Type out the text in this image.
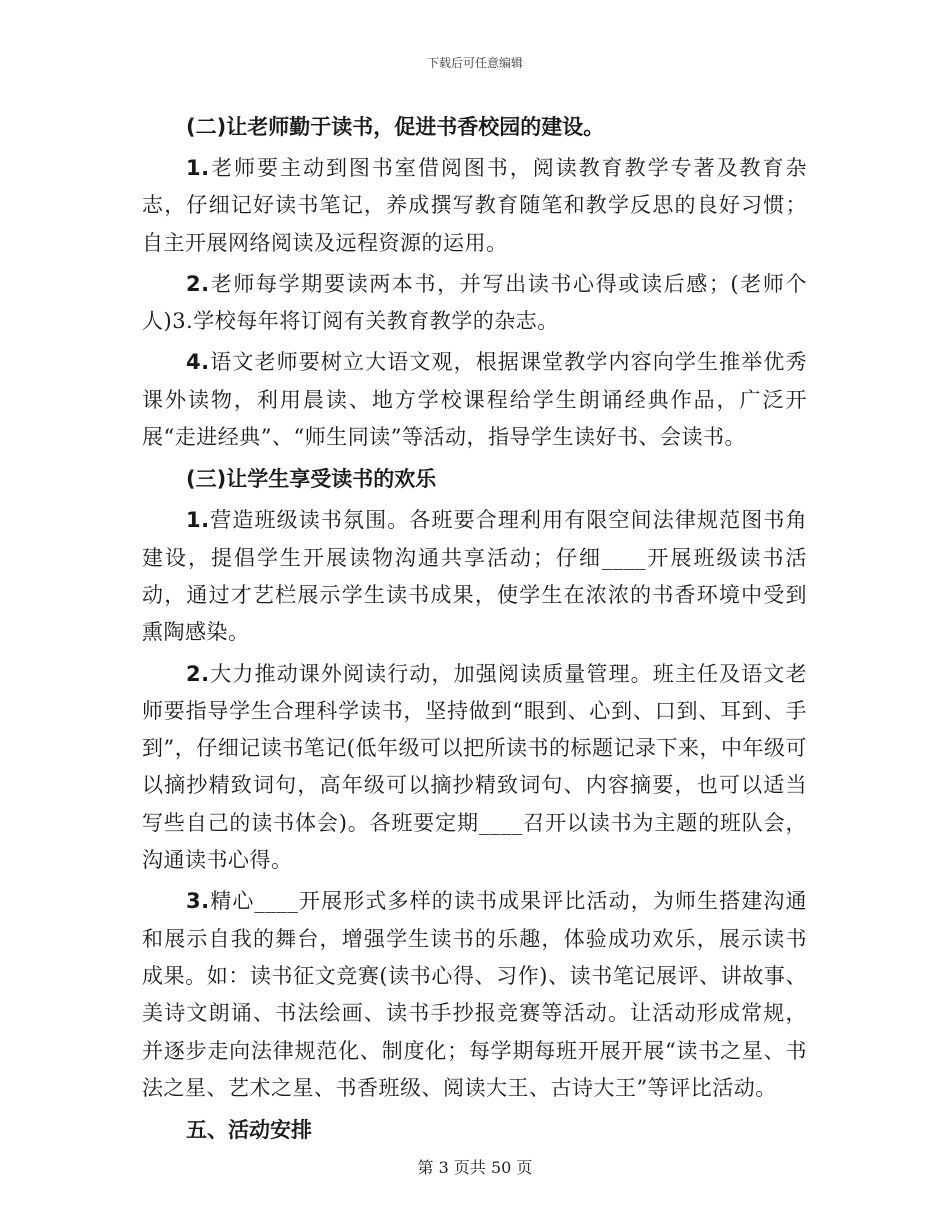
下载后可任意编辑
(二)让老师勤于读书，促进书香校园的建设。

1.老师要主动到图书室借阅图书，阅读教育教学专著及教育杂志，仔细记好读书笔记，养成撰写教育随笔和教学反思的良好习惯；自主开展网络阅读及远程资源的运用。

2.老师每学期要读两本书，并写出读书心得或读后感；(老师个人)3.学校每年将订阅有关教育教学的杂志。

4.语文老师要树立大语文观，根据课堂教学内容向学生推举优秀课外读物，利用晨读、地方学校课程给学生朗诵经典作品，广泛开展“走进经典”、“师生同读”等活动，指导学生读好书、会读书。

(三)让学生享受读书的欢乐

1.营造班级读书氛围。各班要合理利用有限空间法律规范图书角建设，提倡学生开展读物沟通共享活动；仔细____开展班级读书活动，通过才艺栏展示学生读书成果，使学生在浓浓的书香环境中受到熏陶感染。

2.大力推动课外阅读行动，加强阅读质量管理。班主任及语文老师要指导学生合理科学读书，坚持做到“眼到、心到、口到、耳到、手到”，仔细记读书笔记(低年级可以把所读书的标题记录下来，中年级可以摘抄精致词句，高年级可以摘抄精致词句、内容摘要，也可以适当写些自己的读书体会)。各班要定期____召开以读书为主题的班队会，沟通读书心得。

3.精心____开展形式多样的读书成果评比活动，为师生搭建沟通和展示自我的舞台，增强学生读书的乐趣，体验成功欢乐，展示读书成果。如：读书征文竞赛(读书心得、习作)、读书笔记展评、讲故事、美诗文朗诵、书法绘画、读书手抄报竞赛等活动。让活动形成常规，并逐步走向法律规范化、制度化；每学期每班开展开展“读书之星、书法之星、艺术之星、书香班级、阅读大王、古诗大王”等评比活动。

五、活动安排
第 3 页共 50 页
